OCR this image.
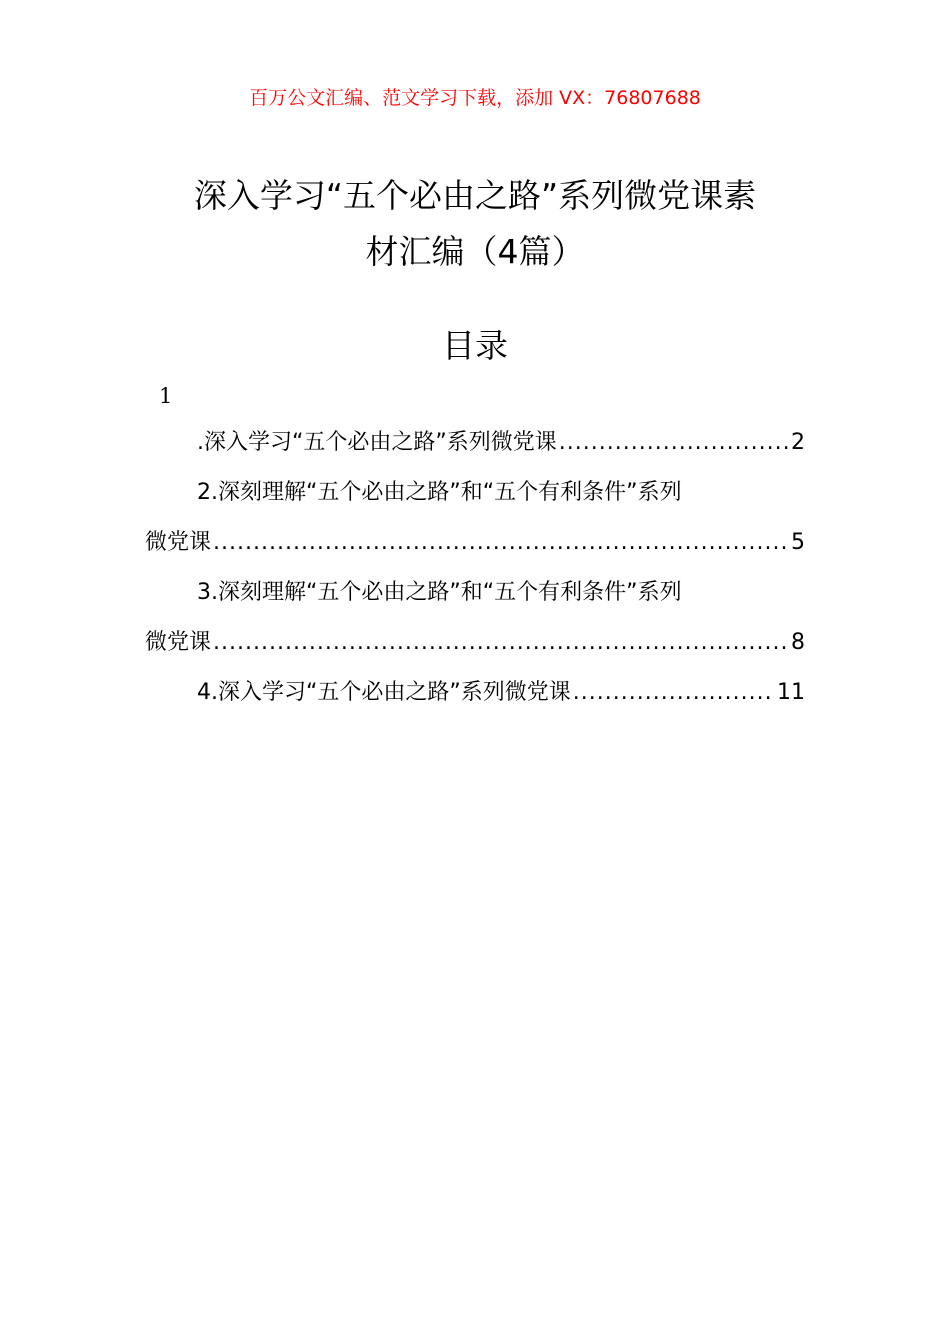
百万公文汇编、范文学习下载，添加 VX：76807688
深入学习“五个必由之路”系列微党课素
材汇编（4篇）
目录
1
.深入学习“五个必由之路”系列微党课 .....	2
2.深刻理解“五个必由之路”和“五个有利条件”系列
微党课 .....	5
3.深刻理解“五个必由之路”和“五个有利条件”系列
微党课 .....	8
4.深入学习“五个必由之路”系列微党课 .....	11
